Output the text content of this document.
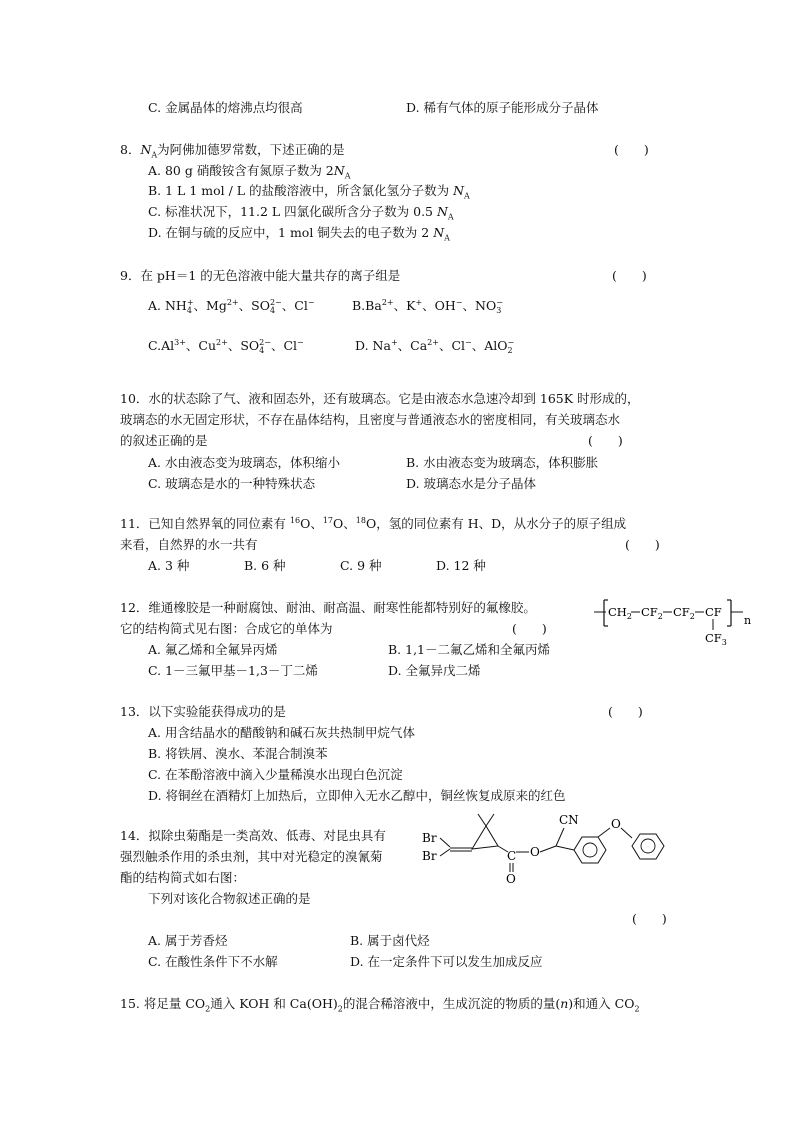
C. 金属晶体的熔沸点均很高	D. 稀有气体的原子能形成分子晶体
8．$N_A$为阿佛加德罗常数，下述正确的是	(　　)
A. 80 g 硝酸铵含有氮原子数为 $2N_A$
B. 1 L 1 mol / L 的盐酸溶液中，所含氯化氢分子数为 $N_A$
C. 标准状况下，11.2 L 四氯化碳所含分子数为 0.5 $N_A$
D. 在铜与硫的反应中，1 mol 铜失去的电子数为 2 $N_A$
9．在 pH＝1 的无色溶液中能大量共存的离子组是	(　　)
A. NH +
4 、$Mg^{2+}$、SO 2−
4 、Cl−	$B.Ba^{2+}$、K+、OH−、NO −
3
$C.Al^{3+}$、$Cu^{2+}$、SO 2−
4 、Cl−	D. Na+、$Ca^{2+}$、Cl−、AlO −
2
10．水的状态除了气、液和固态外，还有玻璃态。它是由液态水急速冷却到 165K 时形成的，
玻璃态的水无固定形状，不存在晶体结构，且密度与普通液态水的密度相同，有关玻璃态水
的叙述正确的是	(　　)
A. 水由液态变为玻璃态，体积缩小	B. 水由液态变为玻璃态，体积膨胀
C. 玻璃态是水的一种特殊状态	D. 玻璃态水是分子晶体
11．已知自然界氧的同位素有 $^{16}$O、$^{17}$O、$^{18}$O，氢的同位素有 H、D，从水分子的原子组成
来看，自然界的水一共有	(　　)
A. 3 种	B. 6 种	C. 9 种	D. 12 种
12．维通橡胶是一种耐腐蚀、耐油、耐高温、耐寒性能都特别好的氟橡胶。
它的结构简式见右图：合成它的单体为	(　　)
A. 氟乙烯和全氟异丙烯	B. 1,1－二氟乙烯和全氟丙烯
C. 1－三氟甲基－1,3－丁二烯	D. 全氟异戊二烯
$CH_2$ $CF_2$ $CF_2$ CF
$CF_3$
n
13．以下实验能获得成功的是	(　　)
A. 用含结晶水的醋酸钠和碱石灰共热制甲烷气体
B. 将铁屑、溴水、苯混合制溴苯
C. 在苯酚溶液中滴入少量稀溴水出现白色沉淀
D. 将铜丝在酒精灯上加热后，立即伸入无水乙醇中，铜丝恢复成原来的红色
14．拟除虫菊酯是一类高效、低毒、对昆虫具有
强烈触杀作用的杀虫剂，其中对光稳定的溴氰菊
酯的结构简式如右图：
下列对该化合物叙述正确的是
(　　)
A. 属于芳香烃	B. 属于卤代烃
C. 在酸性条件下不水解	D. 在一定条件下可以发生加成反应
Br
Br	C
O
O
CN	O
15. 将足量 $CO_2$通入 KOH 和 $Ca(OH)_2$的混合稀溶液中，生成沉淀的物质的量(n)和通入 $CO_2$
